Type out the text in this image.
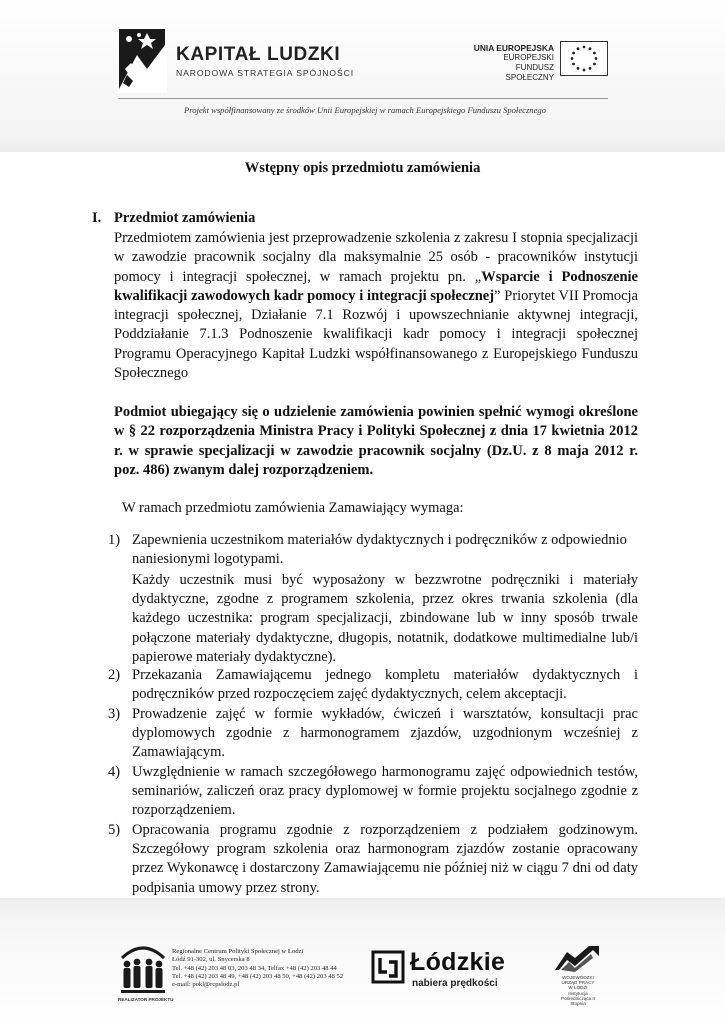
KAPITAŁ LUDZKI
NARODOWA STRATEGIA SPÓJNOŚCI
UNIA EUROPEJSKA
EUROPEJSKI
FUNDUSZ SPOŁECZNY
Projekt współfinansowany ze środków Unii Europejskiej w ramach Europejskiego Funduszu Społecznego
Wstępny opis przedmiotu zamówienia
I. Przedmiot zamówienia
Przedmiotem zamówienia jest przeprowadzenie szkolenia z zakresu I stopnia specjalizacji w zawodzie pracownik socjalny dla maksymalnie 25 osób - pracowników instytucji pomocy i integracji społecznej, w ramach projektu pn. „Wsparcie i Podnoszenie kwalifikacji zawodowych kadr pomocy i integracji społecznej” Priorytet VII Promocja integracji społecznej, Działanie 7.1 Rozwój i upowszechnianie aktywnej integracji, Poddziałanie 7.1.3 Podnoszenie kwalifikacji kadr pomocy i integracji społecznej Programu Operacyjnego Kapitał Ludzki współfinansowanego z Europejskiego Funduszu Społecznego
Podmiot ubiegający się o udzielenie zamówienia powinien spełnić wymogi określone w § 22 rozporządzenia Ministra Pracy i Polityki Społecznej z dnia 17 kwietnia 2012 r. w sprawie specjalizacji w zawodzie pracownik socjalny (Dz.U. z 8 maja 2012 r. poz. 486) zwanym dalej rozporządzeniem.
W ramach przedmiotu zamówienia Zamawiający wymaga:
1) Zapewnienia uczestnikom materiałów dydaktycznych i podręczników z odpowiednio naniesionymi logotypami.
Każdy uczestnik musi być wyposażony w bezzwrotne podręczniki i materiały dydaktyczne, zgodne z programem szkolenia, przez okres trwania szkolenia (dla każdego uczestnika: program specjalizacji, zbindowane lub w inny sposób trwale połączone materiały dydaktyczne, długopis, notatnik, dodatkowe multimedialne lub/i papierowe materiały dydaktyczne).
2) Przekazania Zamawiającemu jednego kompletu materiałów dydaktycznych i podręczników przed rozpoczęciem zajęć dydaktycznych, celem akceptacji.
3) Prowadzenie zajęć w formie wykładów, ćwiczeń i warsztatów, konsultacji prac dyplomowych zgodnie z harmonogramem zjazdów, uzgodnionym wcześniej z Zamawiającym.
4) Uwzględnienie w ramach szczegółowego harmonogramu zajęć odpowiednich testów, seminariów, zaliczeń oraz pracy dyplomowej w formie projektu socjalnego zgodnie z rozporządzeniem.
5) Opracowania programu zgodnie z rozporządzeniem z podziałem godzinowym. Szczegółowy program szkolenia oraz harmonogram zjazdów zostanie opracowany przez Wykonawcę i dostarczony Zamawiającemu nie później niż w ciągu 7 dni od daty podpisania umowy przez strony.
REALIZATOR PROJEKTU
Regionalne Centrum Polityki Społecznej w Łodzi
Łódź 91-302, ul. Snycerska 8
Tel. +48 (42) 203 48 03, 203 48 34, Telfax +48 (42) 203 48 44
Tel. +48 (42) 203 48 49, +48 (42) 203 48 50, +48 (42) 203 48 52
e-mail: pokl@rcpslodz.pl
Łódzkie
nabiera prędkości
WOJEWÓDZKI
URZĄD PRACY
W ŁODZI
Instytucja Pośrednicząca II Stopnia
